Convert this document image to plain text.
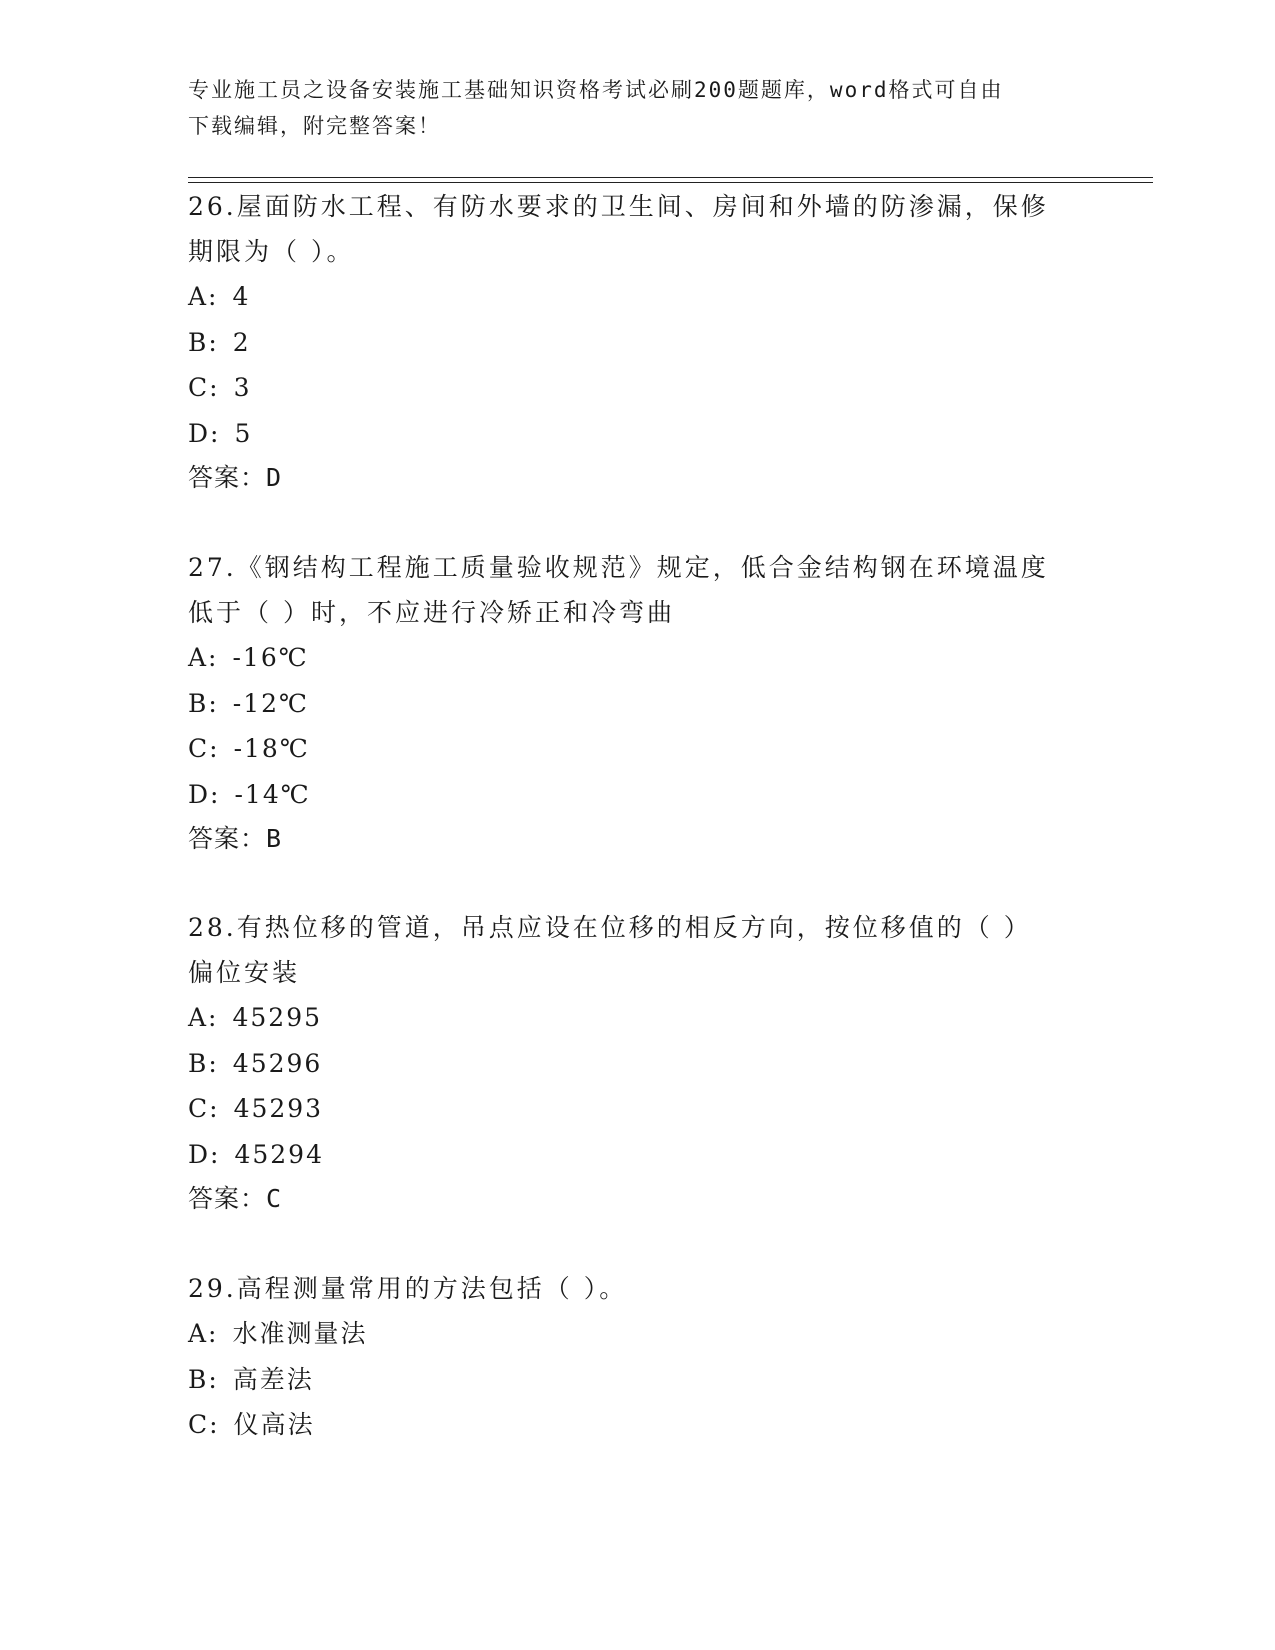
专业施工员之设备安装施工基础知识资格考试必刷200题题库，word格式可自由
下载编辑，附完整答案！
26.屋面防水工程、有防水要求的卫生间、房间和外墙的防渗漏，保修
期限为（ ）。
A: 4
B: 2
C: 3
D: 5
答案：D
27.《钢结构工程施工质量验收规范》规定，低合金结构钢在环境温度
低于（ ）时，不应进行冷矫正和冷弯曲
A: -16℃
B: -12℃
C: -18℃
D: -14℃
答案：B
28.有热位移的管道，吊点应设在位移的相反方向，按位移值的（ ）
偏位安装
A: 45295
B: 45296
C: 45293
D: 45294
答案：C
29.高程测量常用的方法包括（ ）。
A: 水准测量法
B: 高差法
C: 仪高法
